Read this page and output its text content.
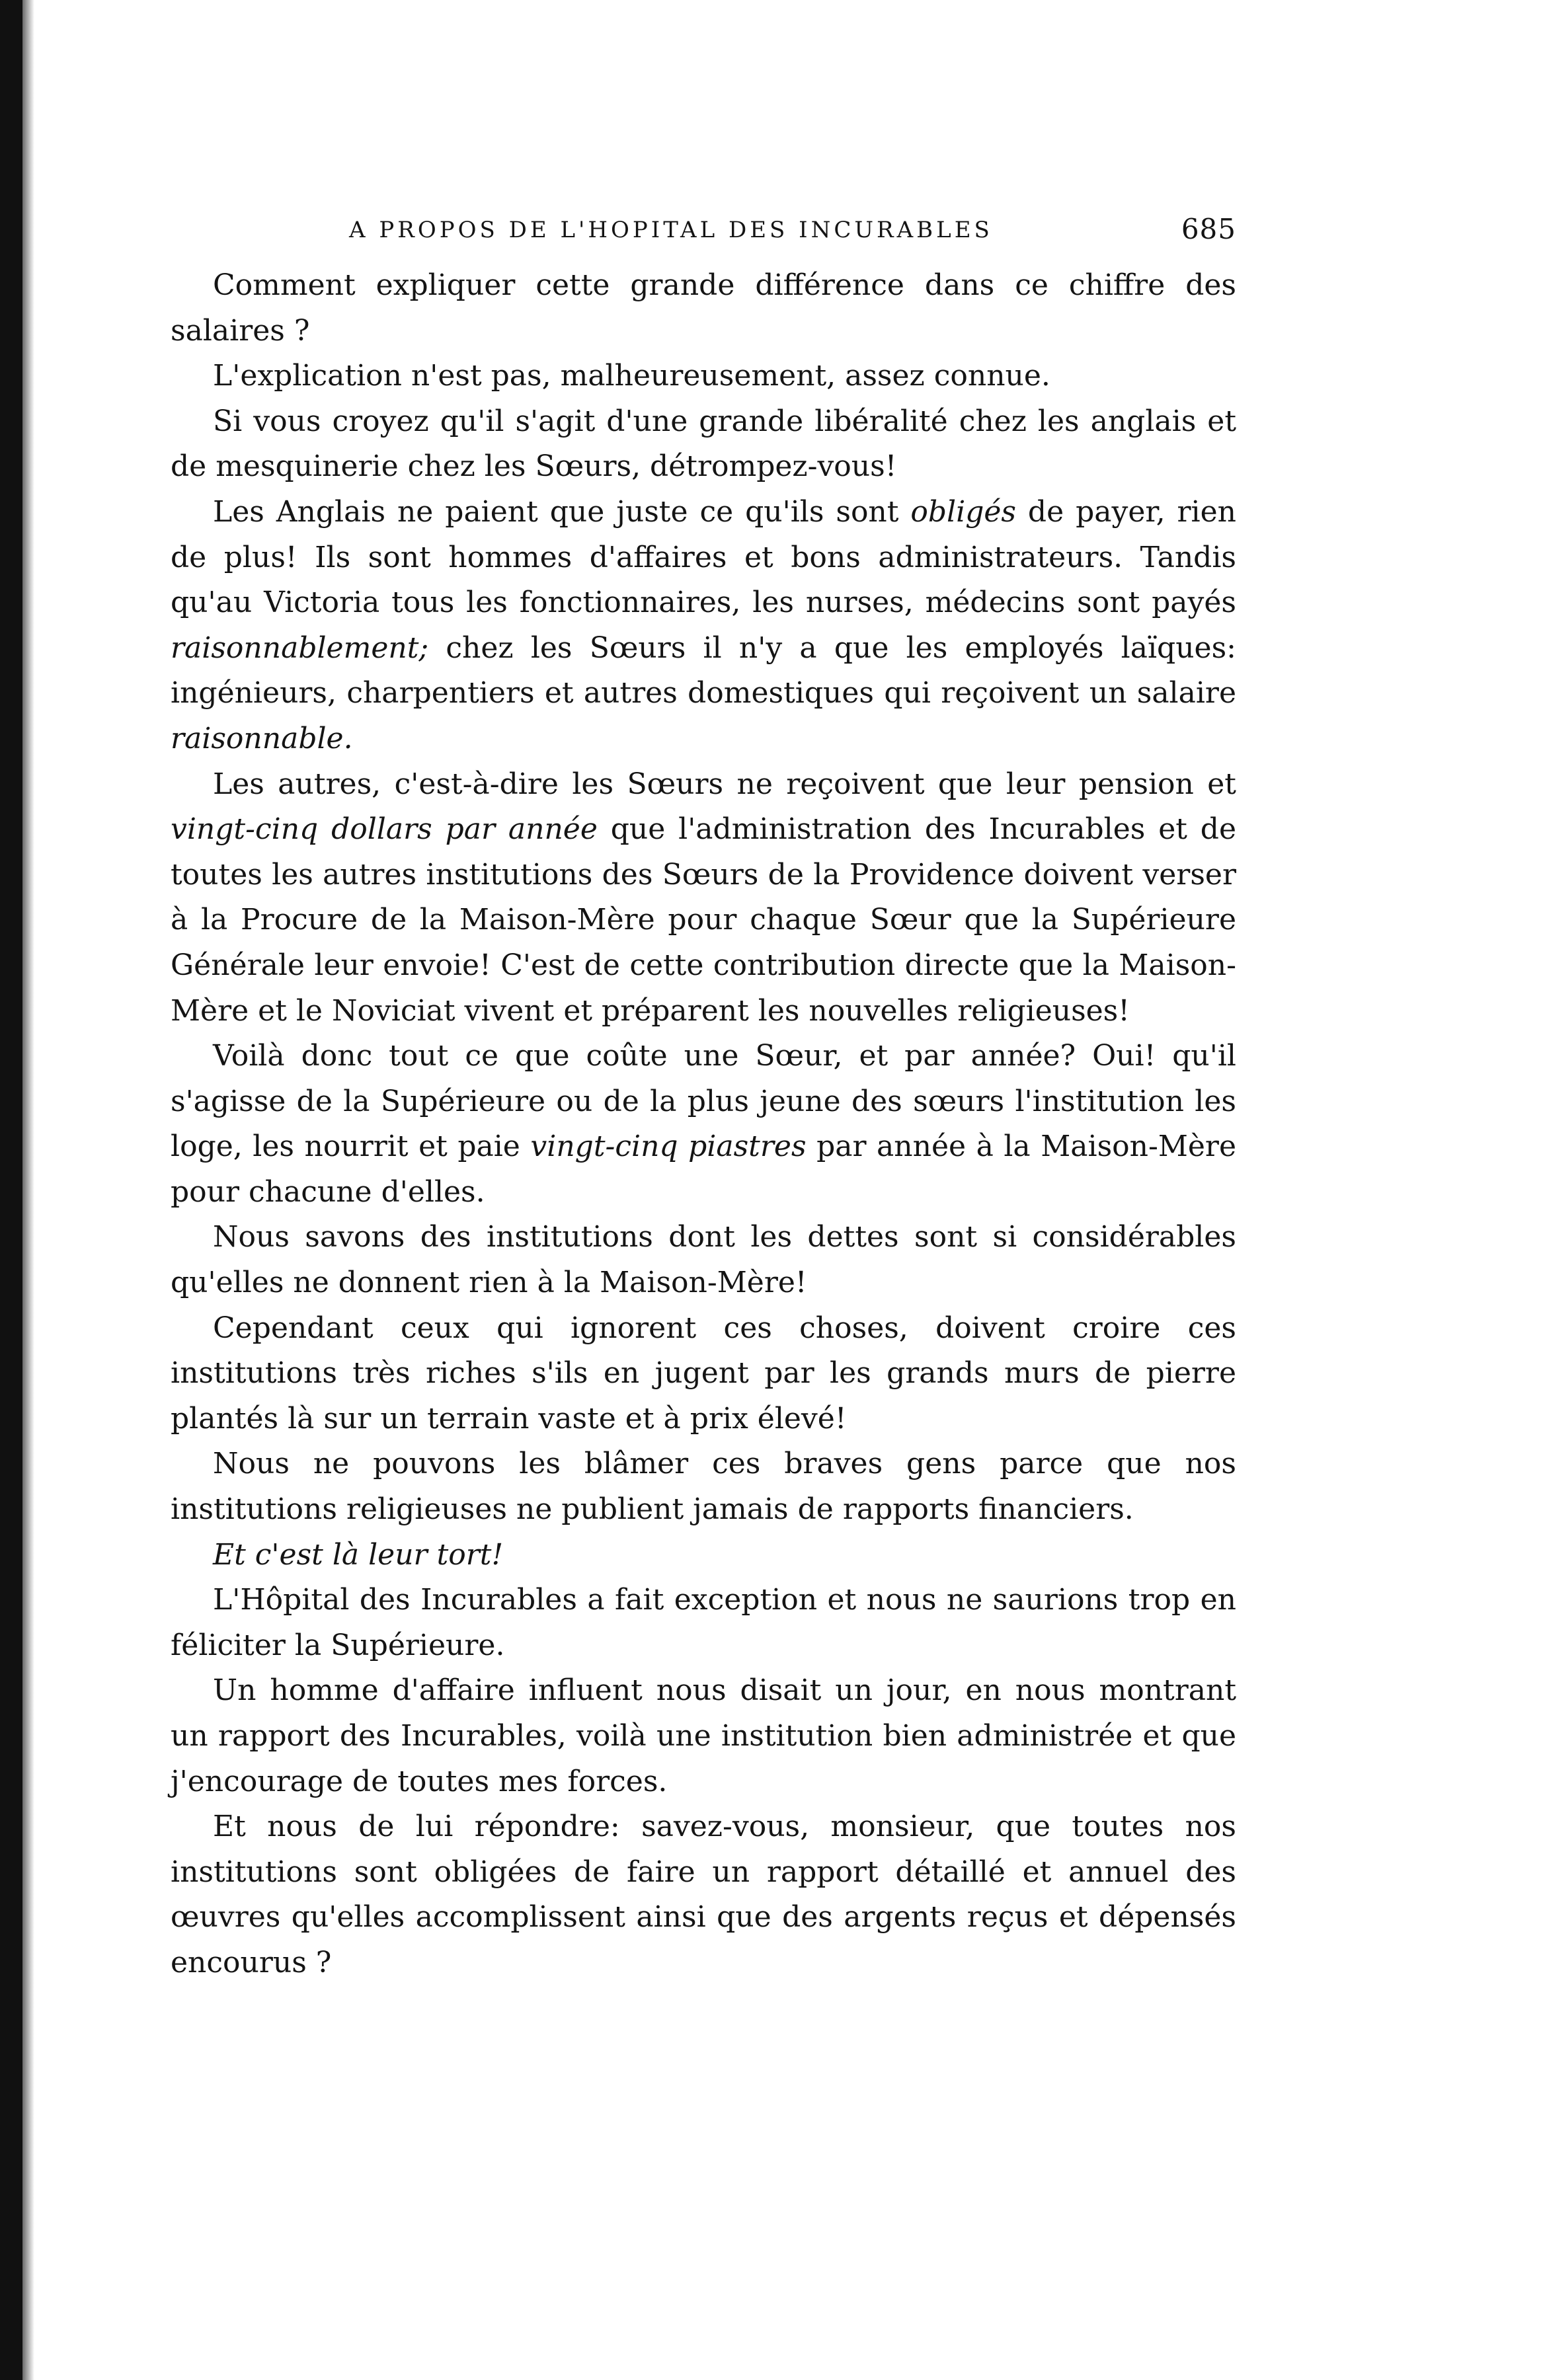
A PROPOS DE L'HOPITAL DES INCURABLES	685

Comment expliquer cette grande différence dans ce chiffre des salaires ?

L'explication n'est pas, malheureusement, assez connue.

Si vous croyez qu'il s'agit d'une grande libéralité chez les anglais et de mesquinerie chez les Sœurs, détrompez-vous!

Les Anglais ne paient que juste ce qu'ils sont obligés de payer, rien de plus! Ils sont hommes d'affaires et bons administrateurs. Tandis qu'au Victoria tous les fonctionnaires, les nurses, médecins sont payés raisonnablement; chez les Sœurs il n'y a que les employés laïques: ingénieurs, charpentiers et autres domestiques qui reçoivent un salaire raisonnable.

Les autres, c'est-à-dire les Sœurs ne reçoivent que leur pension et vingt-cinq dollars par année que l'administration des Incurables et de toutes les autres institutions des Sœurs de la Providence doivent verser à la Procure de la Maison-Mère pour chaque Sœur que la Supérieure Générale leur envoie! C'est de cette contribution directe que la Maison-Mère et le Noviciat vivent et préparent les nouvelles religieuses!

Voilà donc tout ce que coûte une Sœur, et par année? Oui! qu'il s'agisse de la Supérieure ou de la plus jeune des sœurs l'institution les loge, les nourrit et paie vingt-cinq piastres par année à la Maison-Mère pour chacune d'elles.

Nous savons des institutions dont les dettes sont si considérables qu'elles ne donnent rien à la Maison-Mère!

Cependant ceux qui ignorent ces choses, doivent croire ces institutions très riches s'ils en jugent par les grands murs de pierre plantés là sur un terrain vaste et à prix élevé!

Nous ne pouvons les blâmer ces braves gens parce que nos institutions religieuses ne publient jamais de rapports financiers.

Et c'est là leur tort!

L'Hôpital des Incurables a fait exception et nous ne saurions trop en féliciter la Supérieure.

Un homme d'affaire influent nous disait un jour, en nous montrant un rapport des Incurables, voilà une institution bien administrée et que j'encourage de toutes mes forces.

Et nous de lui répondre: savez-vous, monsieur, que toutes nos institutions sont obligées de faire un rapport détaillé et annuel des œuvres qu'elles accomplissent ainsi que des argents reçus et dépensés encourus ?
